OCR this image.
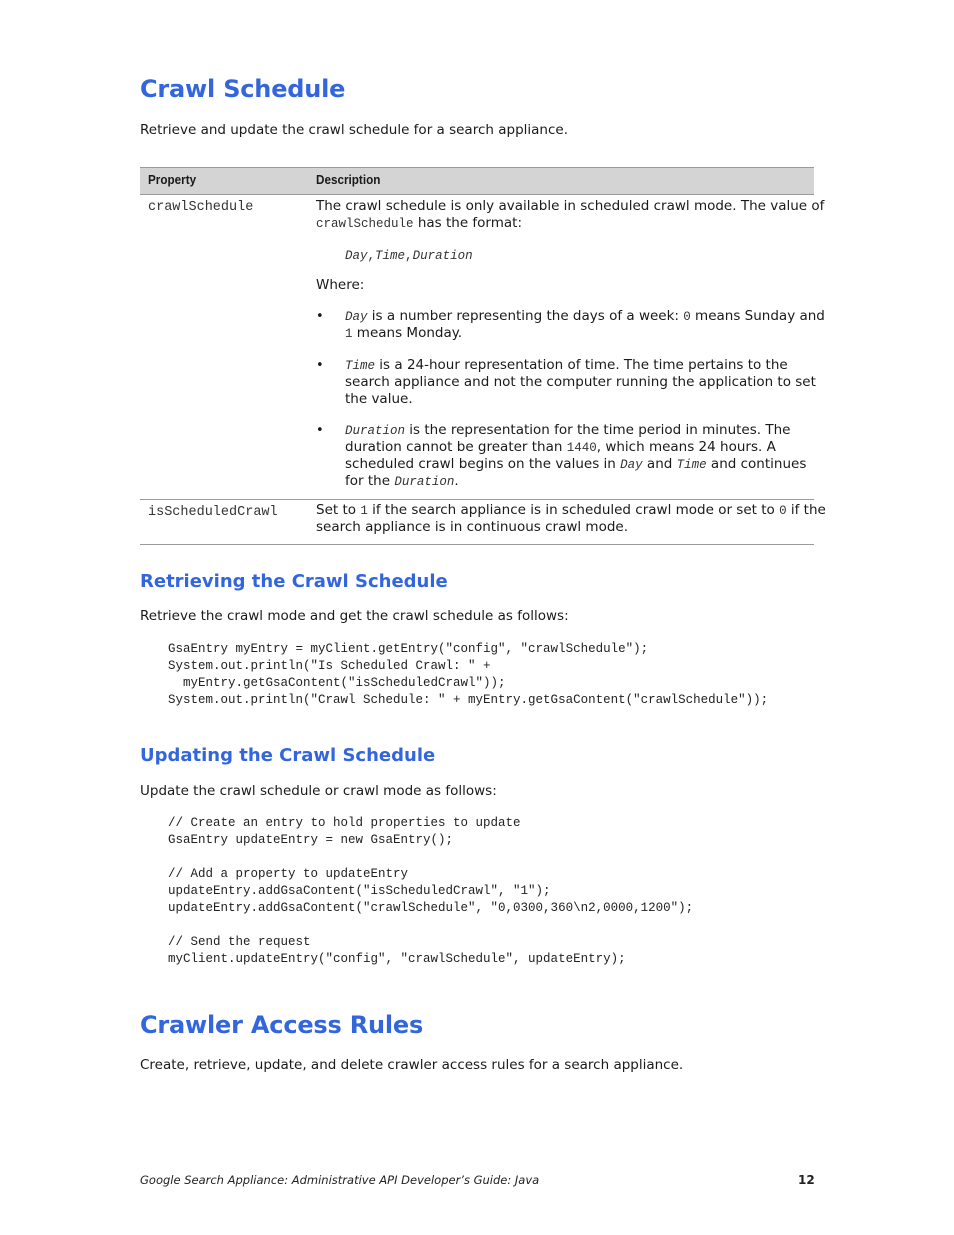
Crawl Schedule

Retrieve and update the crawl schedule for a search appliance.

Property	Description
crawlSchedule	The crawl schedule is only available in scheduled crawl mode. The value of
crawlSchedule has the format:
Day,Time,Duration
Where:
• Day is a number representing the days of a week: 0 means Sunday and
1 means Monday.
• Time is a 24-hour representation of time. The time pertains to the
search appliance and not the computer running the application to set
the value.
• Duration is the representation for the time period in minutes. The
duration cannot be greater than 1440, which means 24 hours. A
scheduled crawl begins on the values in Day and Time and continues
for the Duration.
isScheduledCrawl	Set to 1 if the search appliance is in scheduled crawl mode or set to 0 if the
search appliance is in continuous crawl mode.
Retrieving the Crawl Schedule

Retrieve the crawl mode and get the crawl schedule as follows:

GsaEntry myEntry = myClient.getEntry("config", "crawlSchedule");
System.out.println("Is Scheduled Crawl: " +
myEntry.getGsaContent("isScheduledCrawl"));
System.out.println("Crawl Schedule: " + myEntry.getGsaContent("crawlSchedule"));
Updating the Crawl Schedule

Update the crawl schedule or crawl mode as follows:

// Create an entry to hold properties to update
GsaEntry updateEntry = new GsaEntry();

// Add a property to updateEntry
updateEntry.addGsaContent("isScheduledCrawl", "1");
updateEntry.addGsaContent("crawlSchedule", "0,0300,360\n2,0000,1200");

// Send the request
myClient.updateEntry("config", "crawlSchedule", updateEntry);
Crawler Access Rules

Create, retrieve, update, and delete crawler access rules for a search appliance.

Google Search Appliance: Administrative API Developer’s Guide: Java	12
